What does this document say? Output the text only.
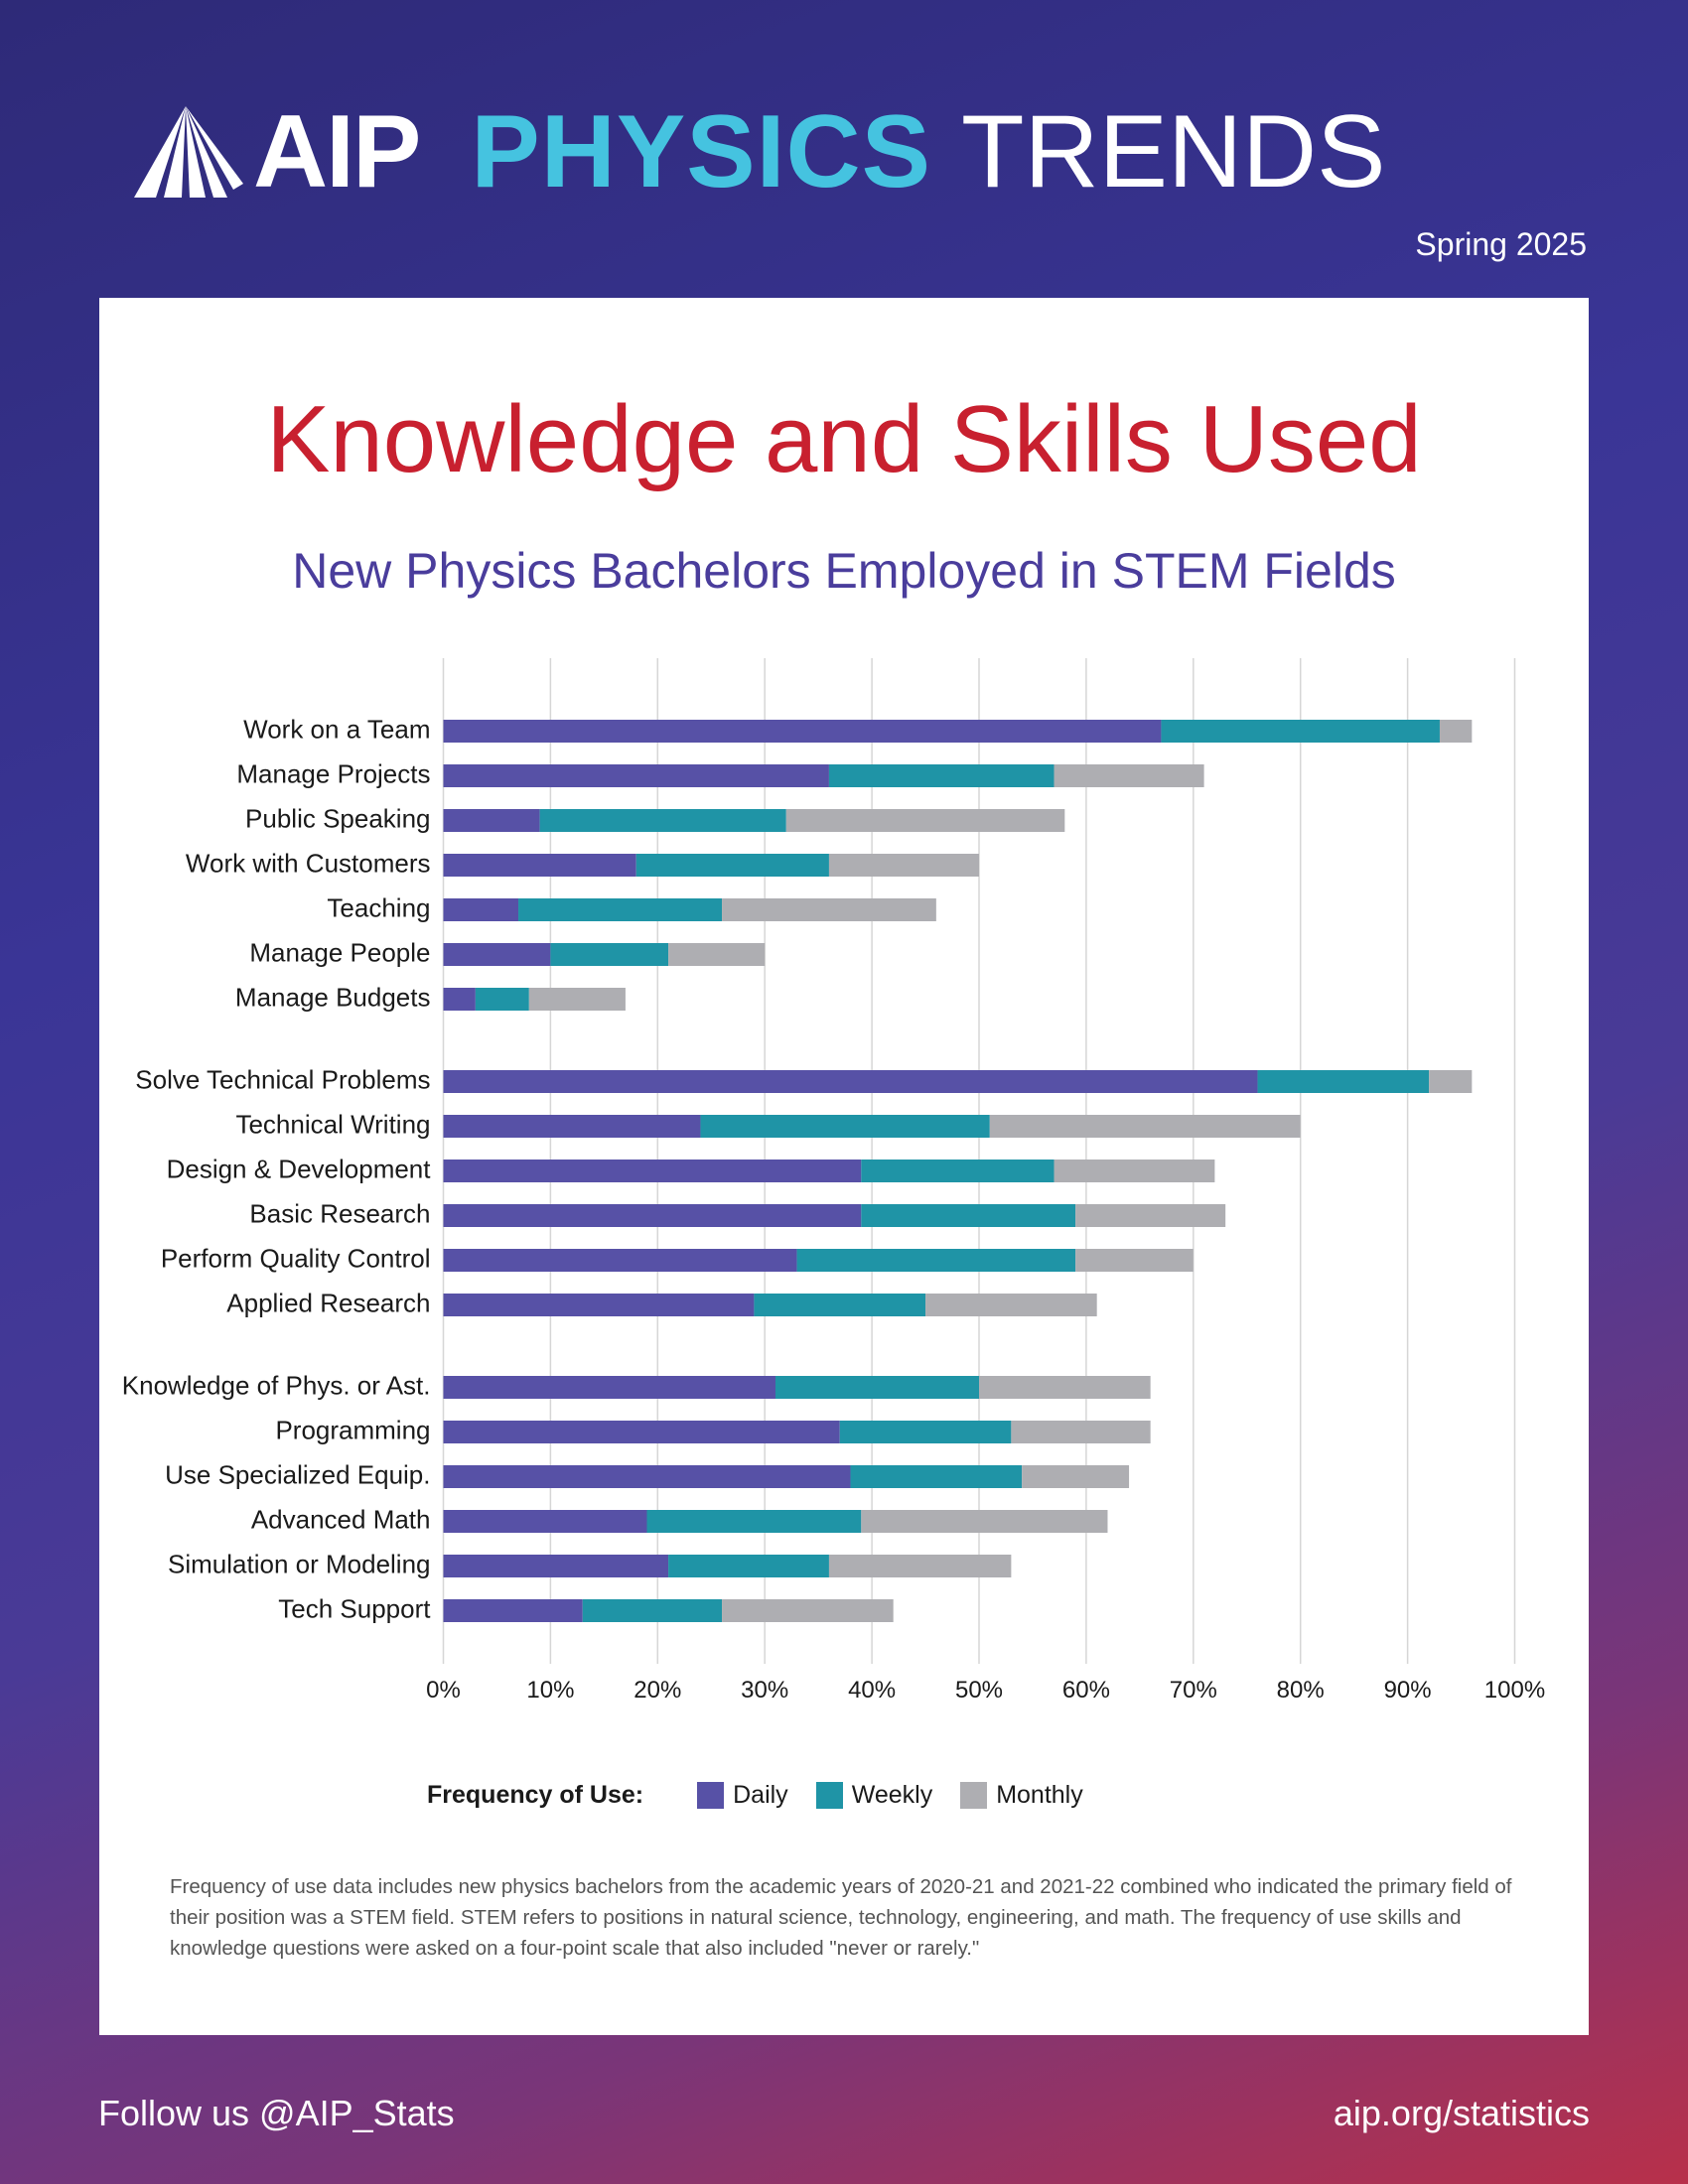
AIP PHYSICS TRENDS
Spring 2025
Knowledge and Skills Used
New Physics Bachelors Employed in STEM Fields
Work on a Team
Manage Projects
Public Speaking
Work with Customers
Teaching
Manage People
Manage Budgets
Solve Technical Problems
Technical Writing
Design & Development
Basic Research
Perform Quality Control
Applied Research
Knowledge of Phys. or Ast.
Programming
Use Specialized Equip.
Advanced Math
Simulation or Modeling
Tech Support
0%	10% 20% 30% 40% 50% 60% 70% 80% 90% 100%
Frequency of Use:	Daily	Weekly	Monthly
Frequency of use data includes new physics bachelors from the academic years of 2020-21 and 2021-22 combined who indicated the primary field of their position was a STEM field. STEM refers to positions in natural science, technology, engineering, and math. The frequency of use skills and knowledge questions were asked on a four-point scale that also included "never or rarely."
Follow us @AIP_Stats	aip.org/statistics
